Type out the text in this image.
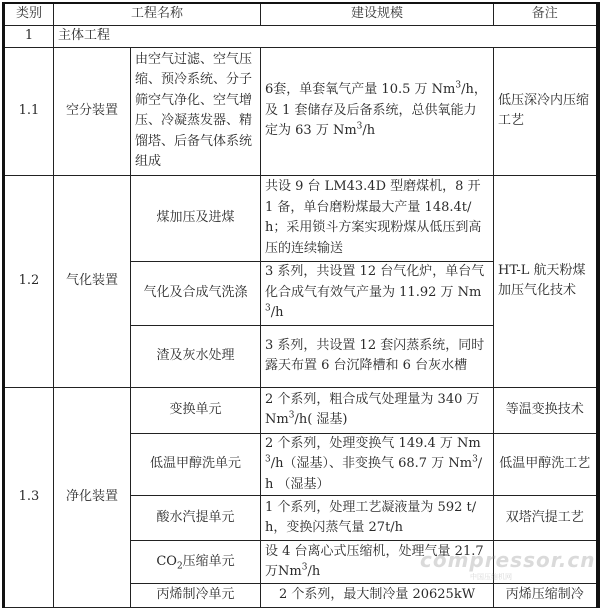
类别	工程名称		建设规模	备注
1	主体工程			
1.1	空分装置	由空气过滤、空气压缩、预冷系统、分子筛空气净化、空气增压、冷凝蒸发器、精馏塔、后备气体系统组成	6套，单套氧气产量 10.5 万 Nm$^3$/h，及 1 套储存及后备系统，总供氧能力定为 63 万 Nm$^3$/h	低压深冷内压缩工艺
1.2	气化装置	煤加压及进煤	共设 9 台 LM43.4D 型磨煤机，8 开 1 备，单台磨粉煤最大产量 148.4t/h；采用锁斗方案实现粉煤从低压到高压的连续输送	HT-L 航天粉煤加压气化技术
		气化及合成气洗涤	3 系列，共设置 12 台气化炉，单台气化合成气有效气产量为 11.92 万 Nm$^3$/h	
		渣及灰水处理	3 系列，共设置 12 套闪蒸系统，同时露天布置 6 台沉降槽和 6 台灰水槽	
1.3	净化装置	变换单元	2 个系列，粗合成气处理量为 340 万Nm$^3$/h( 湿基)	等温变换技术
		低温甲醇洗单元	2 个系列，处理变换气 149.4 万 Nm$^3$/h（湿基）、非变换气 68.7 万 Nm$^3$/h （湿基）	低温甲醇洗工艺
		酸水汽提单元	1 个系列，处理工艺凝液量为 592 t/h，变换闪蒸气量 27t/h	双塔汽提工艺
		$CO_2$压缩单元	设 4 台离心式压缩机，处理气量 21.7 万Nm$^3$/h	
		丙烯制冷单元	2 个系列，最大制冷量 20625kW	丙烯压缩制冷
compressor.cn
中国压缩机网
